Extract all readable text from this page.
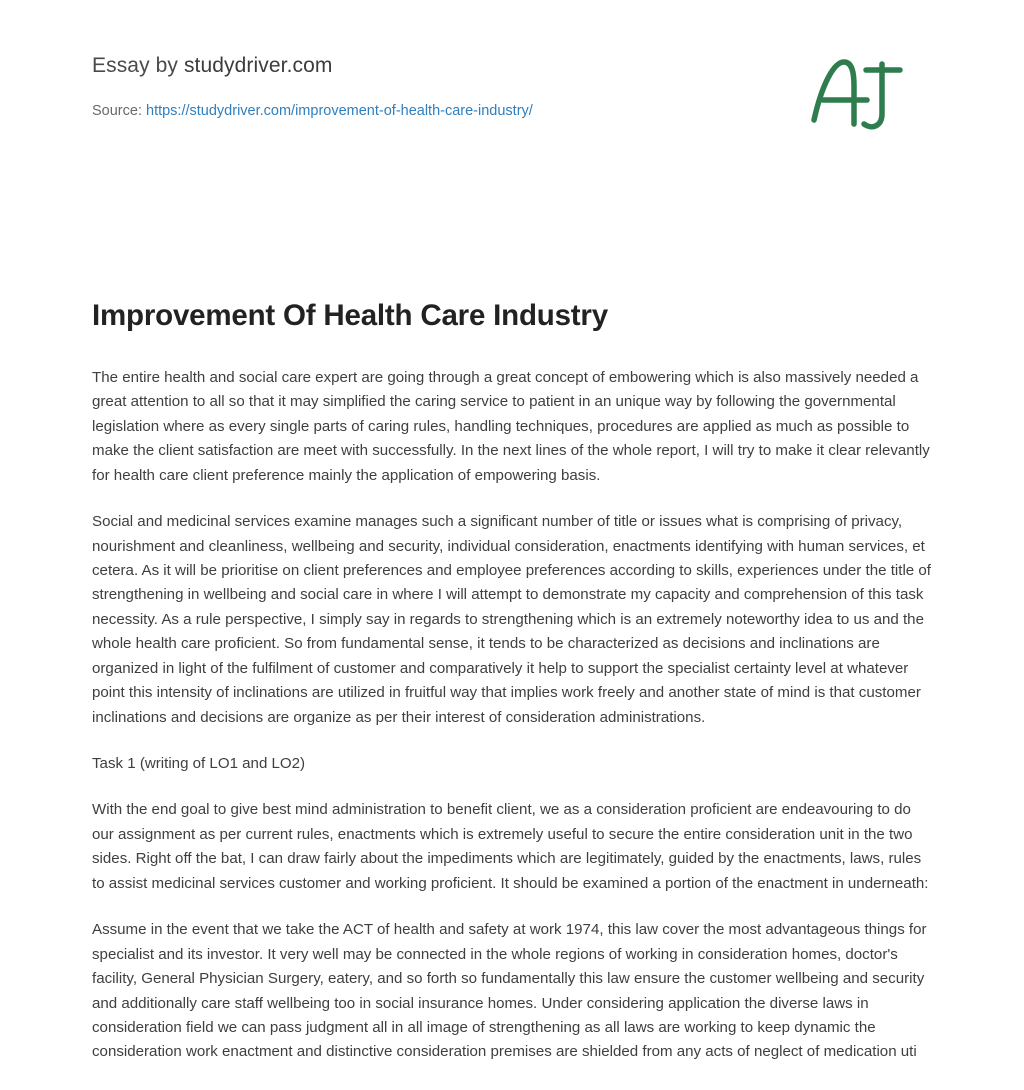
Essay by studydriver.com
Source: https://studydriver.com/improvement-of-health-care-industry/
Improvement Of Health Care Industry

The entire health and social care expert are going through a great concept of embowering which is also massively needed a great attention to all so that it may simplified the caring service to patient in an unique way by following the governmental legislation where as every single parts of caring rules, handling techniques, procedures are applied as much as possible to make the client satisfaction are meet with successfully. In the next lines of the whole report, I will try to make it clear relevantly for health care client preference mainly the application of empowering basis.

Social and medicinal services examine manages such a significant number of title or issues what is comprising of privacy, nourishment and cleanliness, wellbeing and security, individual consideration, enactments identifying with human services, et cetera. As it will be prioritise on client preferences and employee preferences according to skills, experiences under the title of strengthening in wellbeing and social care in where I will attempt to demonstrate my capacity and comprehension of this task necessity. As a rule perspective, I simply say in regards to strengthening which is an extremely noteworthy idea to us and the whole health care proficient. So from fundamental sense, it tends to be characterized as decisions and inclinations are organized in light of the fulfilment of customer and comparatively it help to support the specialist certainty level at whatever point this intensity of inclinations are utilized in fruitful way that implies work freely and another state of mind is that customer inclinations and decisions are organize as per their interest of consideration administrations.

Task 1 (writing of LO1 and LO2)

With the end goal to give best mind administration to benefit client, we as a consideration proficient are endeavouring to do our assignment as per current rules, enactments which is extremely useful to secure the entire consideration unit in the two sides. Right off the bat, I can draw fairly about the impediments which are legitimately, guided by the enactments, laws, rules to assist medicinal services customer and working proficient. It should be examined a portion of the enactment in underneath:

Assume in the event that we take the ACT of health and safety at work 1974, this law cover the most advantageous things for specialist and its investor. It very well may be connected in the whole regions of working in consideration homes, doctor's facility, General Physician Surgery, eatery, and so forth so fundamentally this law ensure the customer wellbeing and security and additionally care staff wellbeing too in social insurance homes. Under considering application the diverse laws in consideration field we can pass judgment all in all image of strengthening as all laws are working to keep dynamic the consideration work enactment and distinctive consideration premises are shielded from any acts of neglect of medication uti
